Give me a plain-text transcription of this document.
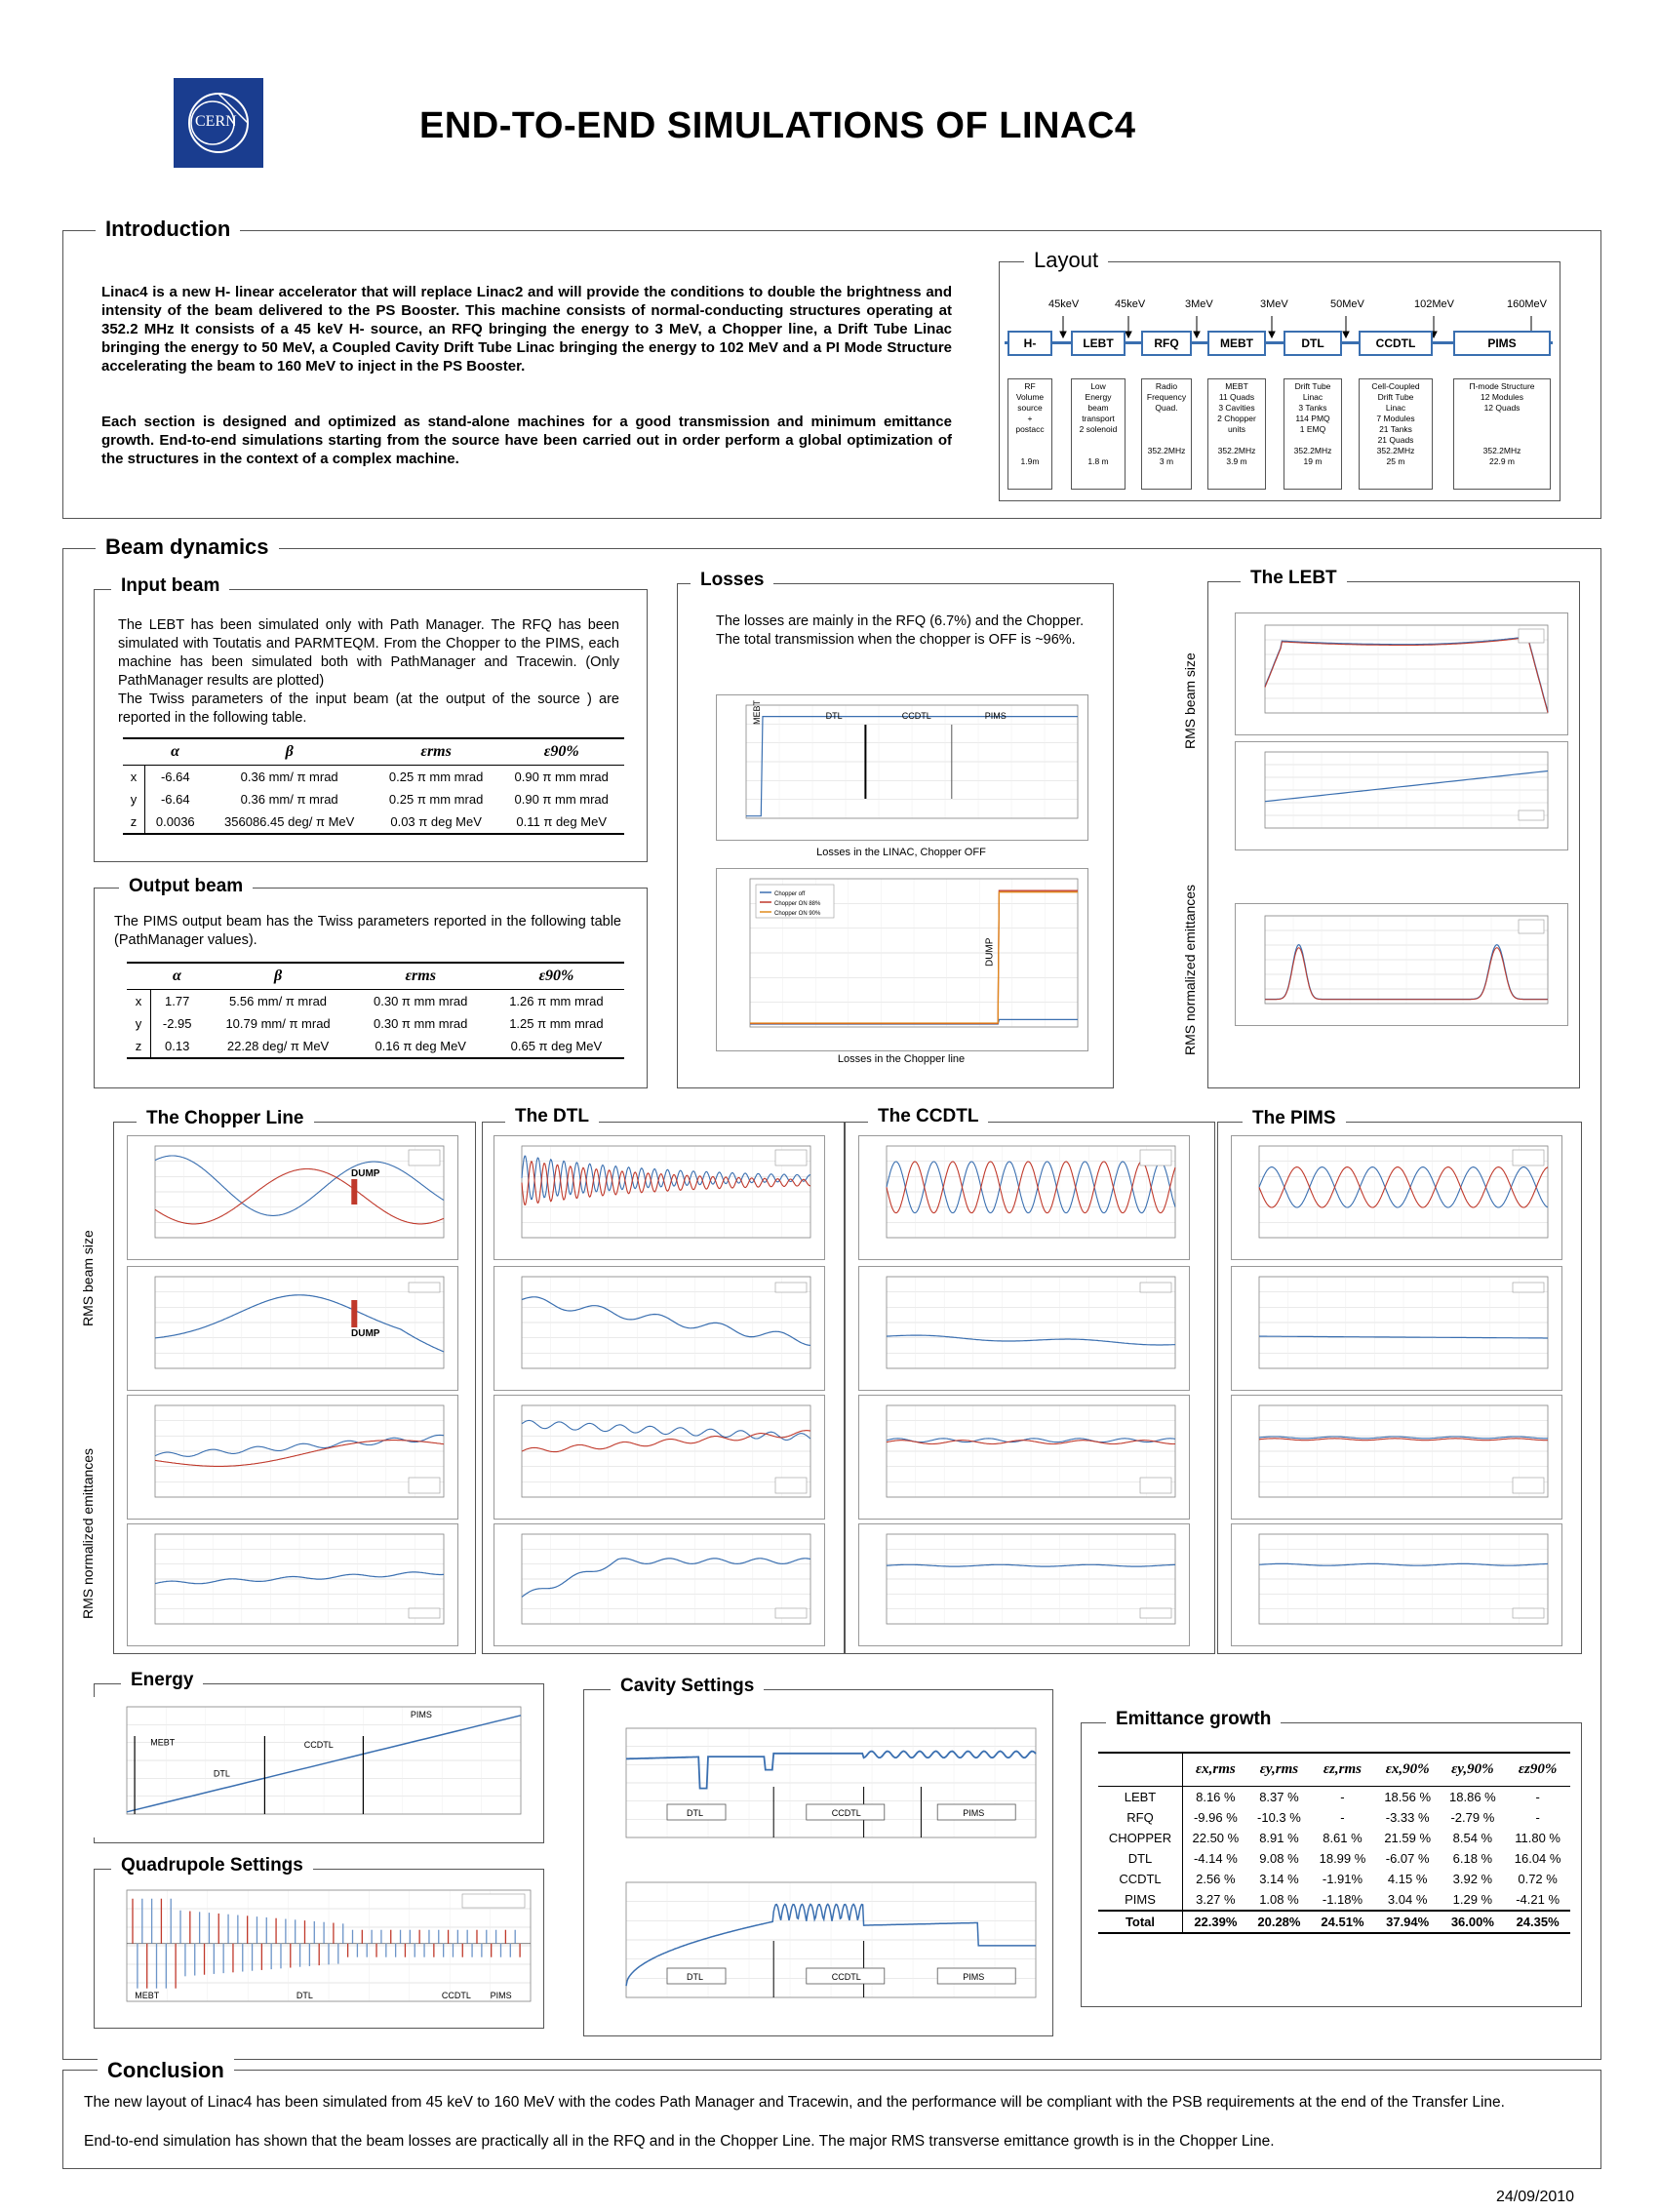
CERN	END-TO-END SIMULATIONS OF LINAC4
Introduction
Linac4 is a new H- linear accelerator that will replace Linac2 and will provide the conditions to double the brightness and intensity of the beam delivered to the PS Booster. This machine consists of normal-conducting structures operating at 352.2 MHz It consists of a 45 keV H- source, an RFQ bringing the energy to 3 MeV, a Chopper line, a Drift Tube Linac bringing the energy to 50 MeV, a Coupled Cavity Drift Tube Linac bringing the energy to 102 MeV and a PI Mode Structure accelerating the beam to 160 MeV to inject in the PS Booster.
Each section is designed and optimized as stand-alone machines for a good transmission and minimum emittance growth. End-to-end simulations starting from the source have been carried out in order perform a global optimization of the structures in the context of a complex machine.
Layout
45keV	45keV	3MeV	3MeV	50MeV	102MeV	160MeV
H-	LEBT	RFQ	MEBT	DTL	CCDTL	PIMS
RF
Volume
source
+
postacc

1.9m
Low
Energy
beam
transport
2 solenoid

1.8 m
Radio
Frequency
Quad.

352.2MHz
3 m
MEBT
11 Quads
3 Cavities
2 Chopper
units

352.2MHz
3.9 m
Drift Tube
Linac
3 Tanks
114 PMQ
1 EMQ

352.2MHz
19 m
Cell-Coupled
Drift Tube
Linac
7 Modules
21 Tanks
21 Quads
352.2MHz
25 m
Π-mode Structure
12 Modules
12 Quads

352.2MHz
22.9 m
Beam dynamics
Input beam
The LEBT has been simulated only with Path Manager. The RFQ has been simulated with Toutatis and PARMTEQM. From the Chopper to the PIMS, each machine has been simulated both with PathManager and Tracewin. (Only PathManager results are plotted)
The Twiss parameters of the input beam (at the output of the source ) are reported in the following table.
	α	β	εrms	ε90%
x	-6.64	0.36 mm/ π mrad	0.25 π mm mrad	0.90 π mm mrad
y	-6.64	0.36 mm/ π mrad	0.25 π mm mrad	0.90 π mm mrad
z	0.0036	356086.45 deg/ π MeV	0.03 π deg MeV	0.11 π deg MeV
Output beam
The PIMS output beam has the Twiss parameters reported in the following table (PathManager values).
	α	β	εrms	ε90%
x	1.77	5.56 mm/ π mrad	0.30 π mm mrad	1.26 π mm mrad
y	-2.95	10.79 mm/ π mrad	0.30 π mm mrad	1.25 π mm mrad
z	0.13	22.28 deg/ π MeV	0.16 π deg MeV	0.65 π deg MeV
Losses
The losses are mainly in the RFQ (6.7%) and the Chopper.
The total transmission when the chopper is OFF is ~96%.
MEBT	DTL	CCDTL	PIMS
Losses in the LINAC, Chopper OFF
Chopper off
Chopper ON 88%
Chopper ON 90%
DUMP
Losses in the Chopper line
The LEBT
RMS beam size
RMS normalized emittances
RMS beam size
RMS normalized emittances
The Chopper Line	The DTL	The CCDTL	The PIMS
DUMP
DUMP
Energy
MEBT
DTL
CCDTL
PIMS
Quadrupole Settings
MEBT	DTL	CCDTL PIMS
Cavity Settings
DTL	CCDTL	PIMS
DTL	CCDTL	PIMS
Emittance growth
	εx,rms	εy,rms	εz,rms	εx,90%	εy,90%	εz90%
LEBT	8.16 %	8.37 %	-	18.56 %	18.86 %	-
RFQ	-9.96 %	-10.3 %	-	-3.33 %	-2.79 %	-
CHOPPER	22.50 %	8.91 %	8.61 %	21.59 %	8.54 %	11.80 %
DTL	-4.14 %	9.08 %	18.99 %	-6.07 %	6.18 %	16.04 %
CCDTL	2.56 %	3.14 %	-1.91%	4.15 %	3.92 %	0.72 %
PIMS	3.27 %	1.08 %	-1.18%	3.04 %	1.29 %	-4.21 %
Total	22.39%	20.28%	24.51%	37.94%	36.00%	24.35%
Conclusion
The new layout of Linac4 has been simulated from 45 keV to 160 MeV with the codes Path Manager and Tracewin, and the performance will be compliant with the PSB requirements at the end of the Transfer Line.
End-to-end simulation has shown that the beam losses are practically all in the RFQ and in the Chopper Line. The major RMS transverse emittance growth is in the Chopper Line.
24/09/2010
